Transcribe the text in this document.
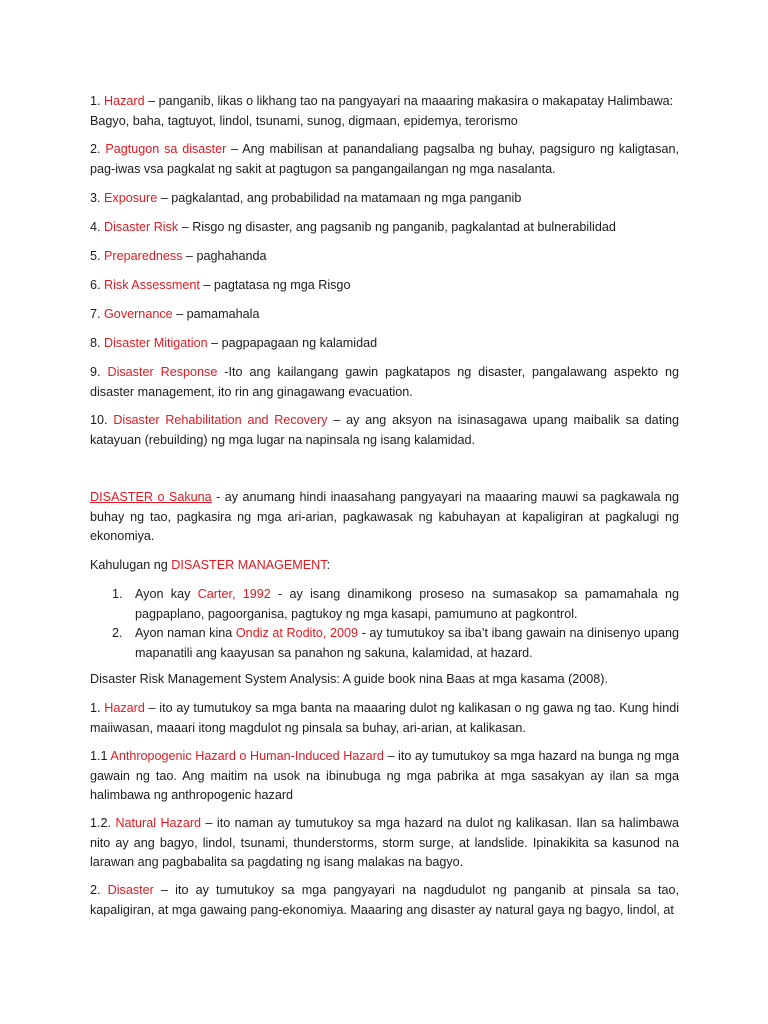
1. Hazard – panganib, likas o likhang tao na pangyayari na maaaring makasira o makapatay Halimbawa: Bagyo, baha, tagtuyot, lindol, tsunami, sunog, digmaan, epidemya, terorismo

2. Pagtugon sa disaster – Ang mabilisan at panandaliang pagsalba ng buhay, pagsiguro ng kaligtasan, pag-iwas vsa pagkalat ng sakit at pagtugon sa pangangailangan ng mga nasalanta.

3. Exposure – pagkalantad, ang probabilidad na matamaan ng mga panganib

4. Disaster Risk – Risgo ng disaster, ang pagsanib ng panganib, pagkalantad at bulnerabilidad

5. Preparedness – paghahanda

6. Risk Assessment – pagtatasa ng mga Risgo

7. Governance – pamamahala

8. Disaster Mitigation – pagpapagaan ng kalamidad

9. Disaster Response -Ito ang kailangang gawin pagkatapos ng disaster, pangalawang aspekto ng disaster management, ito rin ang ginagawang evacuation.

10. Disaster Rehabilitation and Recovery – ay ang aksyon na isinasagawa upang maibalik sa dating katayuan (rebuilding) ng mga lugar na napinsala ng isang kalamidad.

DISASTER o Sakuna - ay anumang hindi inaasahang pangyayari na maaaring mauwi sa pagkawala ng buhay ng tao, pagkasira ng mga ari-arian, pagkawasak ng kabuhayan at kapaligiran at pagkalugi ng ekonomiya.

Kahulugan ng DISASTER MANAGEMENT:

1. Ayon kay Carter, 1992 - ay isang dinamikong proseso na sumasakop sa pamamahala ng pagpaplano, pagoorganisa, pagtukoy ng mga kasapi, pamumuno at pagkontrol.
2. Ayon naman kina Ondiz at Rodito, 2009 - ay tumutukoy sa iba’t ibang gawain na dinisenyo upang mapanatili ang kaayusan sa panahon ng sakuna, kalamidad, at hazard.

Disaster Risk Management System Analysis: A guide book nina Baas at mga kasama (2008).

1. Hazard – ito ay tumutukoy sa mga banta na maaaring dulot ng kalikasan o ng gawa ng tao. Kung hindi maiiwasan, maaari itong magdulot ng pinsala sa buhay, ari-arian, at kalikasan.

1.1 Anthropogenic Hazard o Human-Induced Hazard – ito ay tumutukoy sa mga hazard na bunga ng mga gawain ng tao. Ang maitim na usok na ibinubuga ng mga pabrika at mga sasakyan ay ilan sa mga halimbawa ng anthropogenic hazard

1.2. Natural Hazard – ito naman ay tumutukoy sa mga hazard na dulot ng kalikasan. Ilan sa halimbawa nito ay ang bagyo, lindol, tsunami, thunderstorms, storm surge, at landslide. Ipinakikita sa kasunod na larawan ang pagbabalita sa pagdating ng isang malakas na bagyo.

2. Disaster – ito ay tumutukoy sa mga pangyayari na nagdudulot ng panganib at pinsala sa tao, kapaligiran, at mga gawaing pang-ekonomiya. Maaaring ang disaster ay natural gaya ng bagyo, lindol, at
